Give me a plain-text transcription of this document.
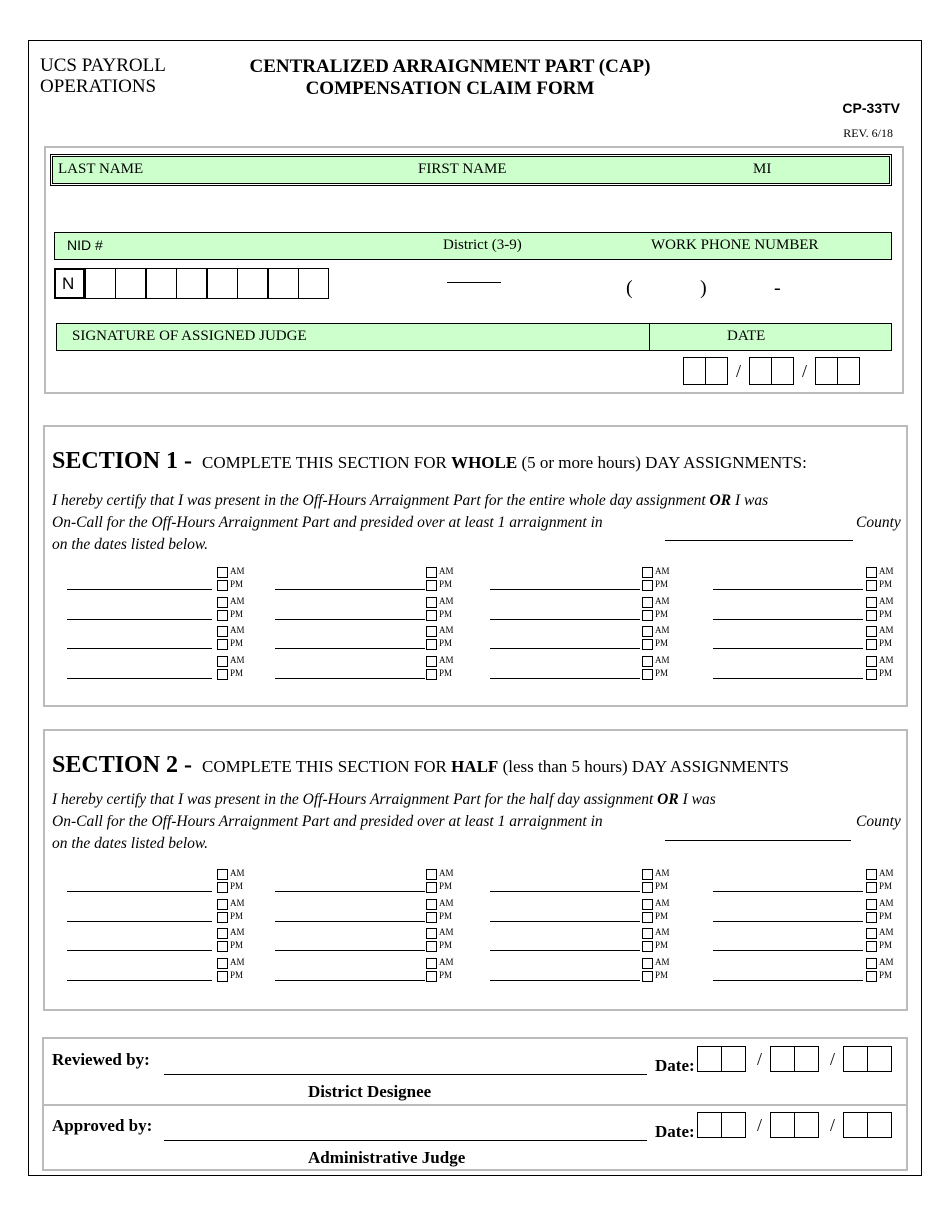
UCS PAYROLL
OPERATIONS
CENTRALIZED ARRAIGNMENT PART (CAP)
COMPENSATION CLAIM FORM
CP-33TV
REV. 6/18
LAST NAME	FIRST NAME	MI
NID #	District (3-9)	WORK PHONE NUMBER
N	(	)	-
SIGNATURE OF ASSIGNED JUDGE	DATE
/	/
SECTION 1 - COMPLETE THIS SECTION FOR WHOLE (5 or more hours) DAY ASSIGNMENTS:
I hereby certify that I was present in the Off-Hours Arraignment Part for the entire whole day assignment OR I was
On-Call for the Off-Hours Arraignment Part and presided over at least 1 arraignment in
on the dates listed below.
County
AM
PM
AM
PM
AM
PM
AM
PM
AM
PM
AM
PM
AM
PM
AM
PM
AM
PM
AM
PM
AM
PM
AM
PM
AM
PM
AM
PM
AM
PM
AM
PM
SECTION 2 - COMPLETE THIS SECTION FOR HALF (less than 5 hours) DAY ASSIGNMENTS
I hereby certify that I was present in the Off-Hours Arraignment Part for the half day assignment OR I was
On-Call for the Off-Hours Arraignment Part and presided over at least 1 arraignment in
on the dates listed below.
County
AM
PM
AM
PM
AM
PM
AM
PM
AM
PM
AM
PM
AM
PM
AM
PM
AM
PM
AM
PM
AM
PM
AM
PM
AM
PM
AM
PM
AM
PM
AM
PM
Reviewed by:
District Designee
Date:	/	/
Approved by:
Administrative Judge
Date:	/	/
